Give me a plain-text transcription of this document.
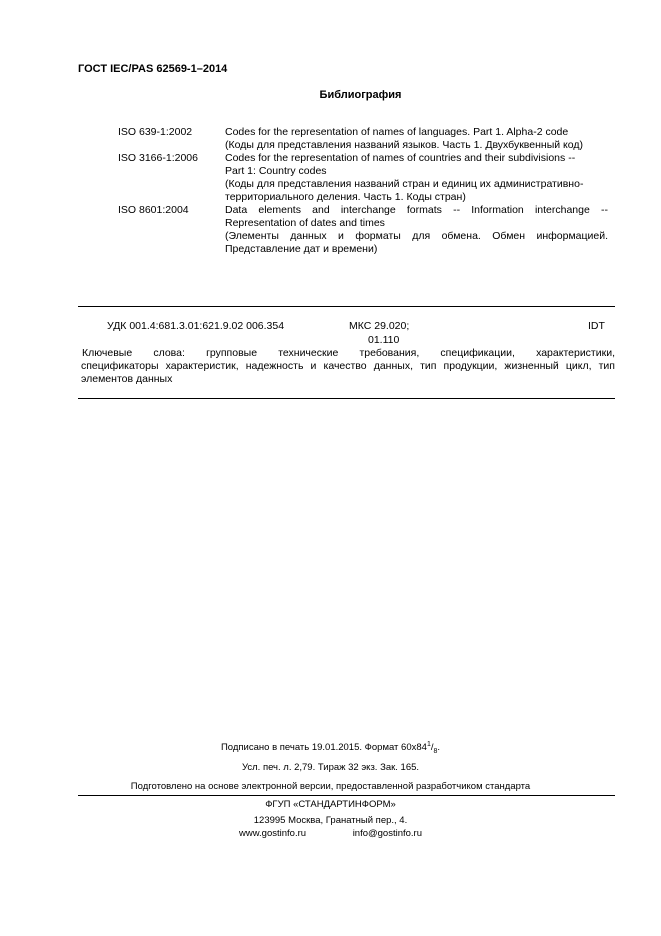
ГОСТ IEC/PAS 62569-1–2014
Библиография
ISO 639-1:2002	Codes for the representation of names of languages. Part 1. Alpha-2 code
(Коды для представления названий языков. Часть 1. Двухбуквенный код)
ISO 3166-1:2006	Codes for the representation of names of countries and their subdivisions --
Part 1: Country codes
(Коды для представления названий стран и единиц их административно-
территориального деления. Часть 1. Коды стран)
ISO 8601:2004	Data elements and interchange formats -- Information interchange --
Representation of dates and times
(Элементы данных и форматы для обмена. Обмен информацией.
Представление дат и времени)
УДК 001.4:681.3.01:621.9.02 006.354	МКС 29.020;
01.110
IDT
Ключевые слова: групповые технические требования, спецификации, характеристики,
спецификаторы характеристик, надежность и качество данных, тип продукции, жизненный цикл, тип
элементов данных
Подписано в печать 19.01.2015. Формат $60х84^1/_8$.
Усл. печ. л. 2,79. Тираж 32 экз. Зак. 165.
Подготовлено на основе электронной версии, предоставленной разработчиком стандарта
ФГУП «СТАНДАРТИНФОРМ»
123995 Москва, Гранатный пер., 4.
www.gostinfo.ru	info@gostinfo.ru
